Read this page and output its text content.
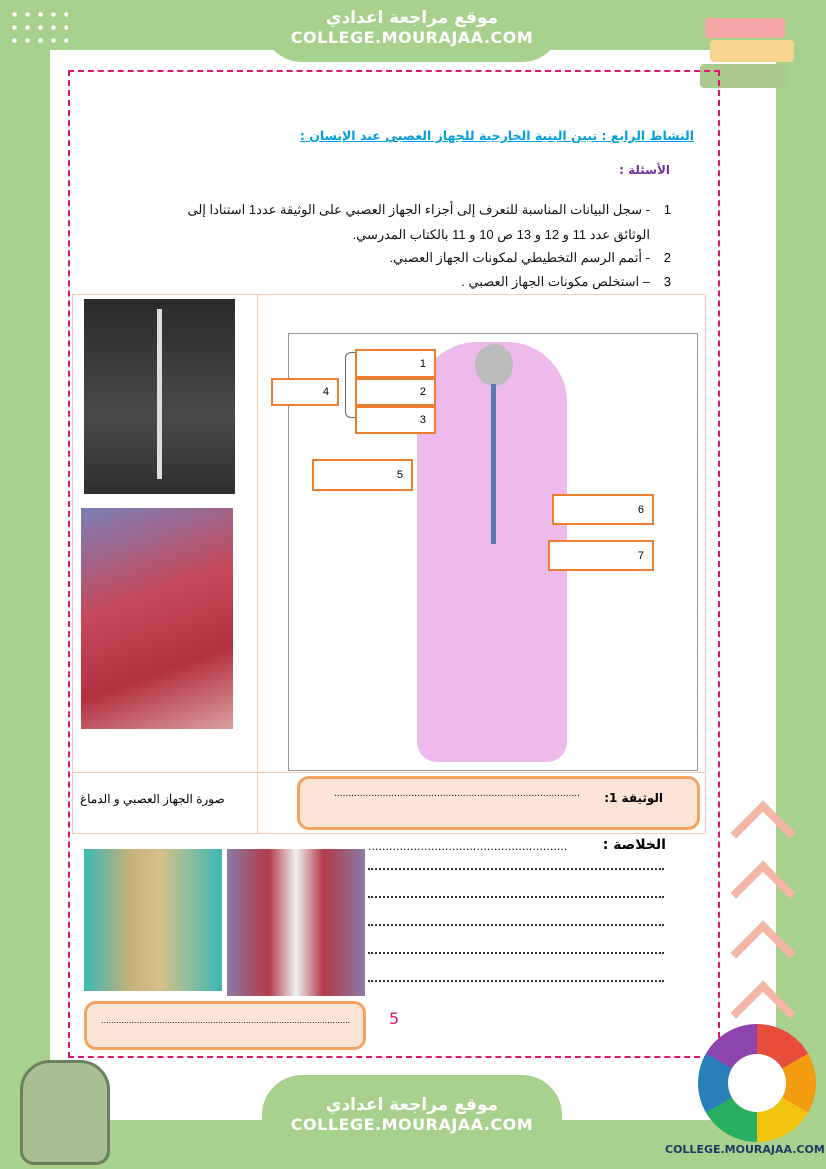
موقع مراجعة اعدادي
COLLEGE.MOURAJAA.COM
النشاط الرابع : تبين البنية الخارجية للجهاز العصبي عند الإنسان :
الأسئلة :
1
- سجل البيانات المناسبة للتعرف إلى أجزاء الجهاز العصبي على الوثيقة عدد1 استنادا إلى
الوثائق عدد 11 و 12 و 13 ص 10 و 11 بالكتاب المدرسي.
2
- أتمم الرسم التخطيطي لمكونات الجهاز العصبي.
3
– استخلص مكونات الجهاز العصبي .
1
2
3
4
5
6
7
صورة الجهاز العصبي و الدماغ	الوثيقة 1:
......................................................................................
الخلاصة :
.........................................................
.................................................................................................. 5
موقع مراجعة اعدادي
COLLEGE.MOURAJAA.COM
COLLEGE.MOURAJAA.COM
